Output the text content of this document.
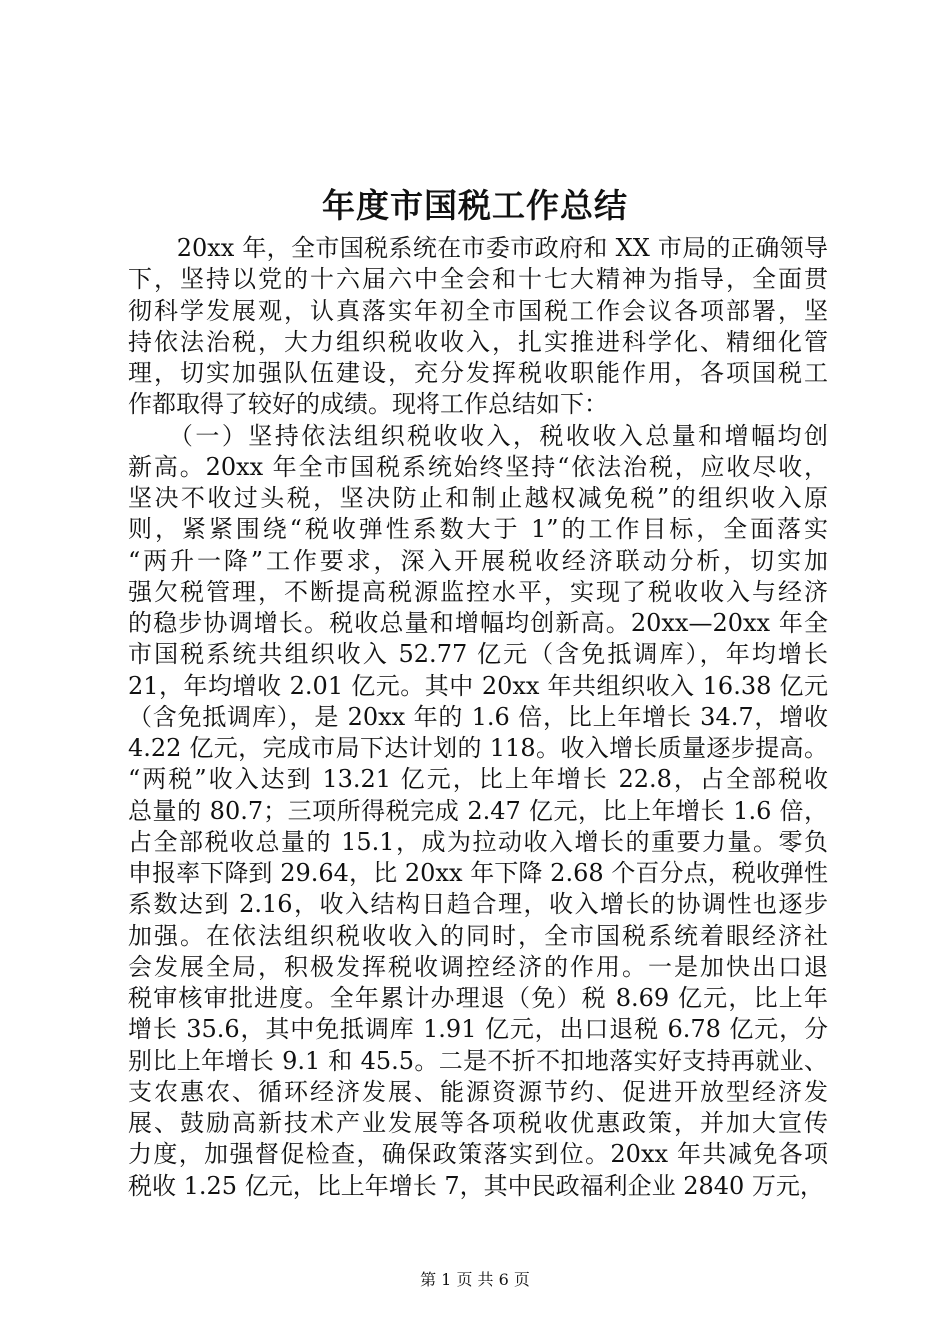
年度市国税工作总结
　　20xx 年，全市国税系统在市委市政府和 XX 市局的正确领导
下，坚持以党的十六届六中全会和十七大精神为指导，全面贯
彻科学发展观，认真落实年初全市国税工作会议各项部署，坚
持依法治税，大力组织税收收入，扎实推进科学化、精细化管
理，切实加强队伍建设，充分发挥税收职能作用，各项国税工
作都取得了较好的成绩。现将工作总结如下：
　　（一）坚持依法组织税收收入，税收收入总量和增幅均创
新高。20xx 年全市国税系统始终坚持“依法治税，应收尽收，
坚决不收过头税，坚决防止和制止越权减免税”的组织收入原
则，紧紧围绕“税收弹性系数大于 1”的工作目标，全面落实
“两升一降”工作要求，深入开展税收经济联动分析，切实加
强欠税管理，不断提高税源监控水平，实现了税收收入与经济
的稳步协调增长。税收总量和增幅均创新高。20xx—20xx 年全
市国税系统共组织收入 52.77 亿元（含免抵调库），年均增长
21，年均增收 2.01 亿元。其中 20xx 年共组织收入 16.38 亿元
（含免抵调库），是 20xx 年的 1.6 倍，比上年增长 34.7，增收
4.22 亿元，完成市局下达计划的 118。收入增长质量逐步提高。
“两税”收入达到 13.21 亿元，比上年增长 22.8，占全部税收
总量的 80.7；三项所得税完成 2.47 亿元，比上年增长 1.6 倍，
占全部税收总量的 15.1，成为拉动收入增长的重要力量。零负
申报率下降到 29.64，比 20xx 年下降 2.68 个百分点，税收弹性
系数达到 2.16，收入结构日趋合理，收入增长的协调性也逐步
加强。在依法组织税收收入的同时，全市国税系统着眼经济社
会发展全局，积极发挥税收调控经济的作用。一是加快出口退
税审核审批进度。全年累计办理退（免）税 8.69 亿元，比上年
增长 35.6，其中免抵调库 1.91 亿元，出口退税 6.78 亿元，分
别比上年增长 9.1 和 45.5。二是不折不扣地落实好支持再就业、
支农惠农、循环经济发展、能源资源节约、促进开放型经济发
展、鼓励高新技术产业发展等各项税收优惠政策，并加大宣传
力度，加强督促检查，确保政策落实到位。20xx 年共减免各项
税收 1.25 亿元，比上年增长 7，其中民政福利企业 2840 万元，
第 1 页 共 6 页
